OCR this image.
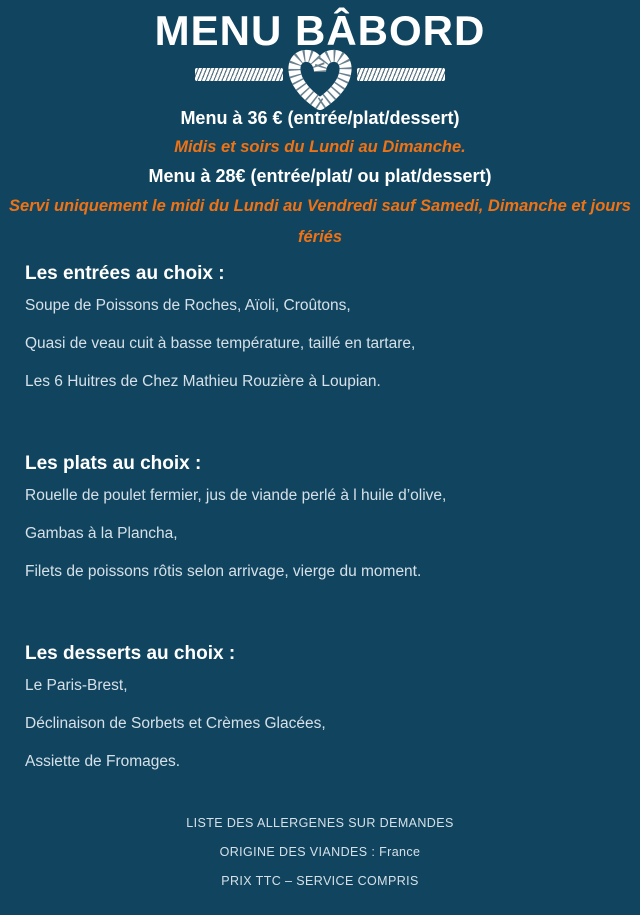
MENU BÂBORD

Menu à 36 € (entrée/plat/dessert)

Midis et soirs du Lundi au Dimanche.

Menu à 28€ (entrée/plat/ ou plat/dessert)

Servi uniquement le midi du Lundi au Vendredi sauf Samedi, Dimanche et jours fériés

Les entrées au choix :

Soupe de Poissons de Roches, Aïoli, Croûtons,

Quasi de veau cuit à basse température, taillé en tartare,

Les 6 Huitres de Chez Mathieu Rouzière à Loupian.

Les plats au choix :

Rouelle de poulet fermier, jus de viande perlé à l huile d’olive,

Gambas à la Plancha,

Filets de poissons rôtis selon arrivage, vierge du moment.

Les desserts au choix :

Le Paris-Brest,

Déclinaison de Sorbets et Crèmes Glacées,

Assiette de Fromages.

LISTE DES ALLERGENES SUR DEMANDES

ORIGINE DES VIANDES : France

PRIX TTC – SERVICE COMPRIS
